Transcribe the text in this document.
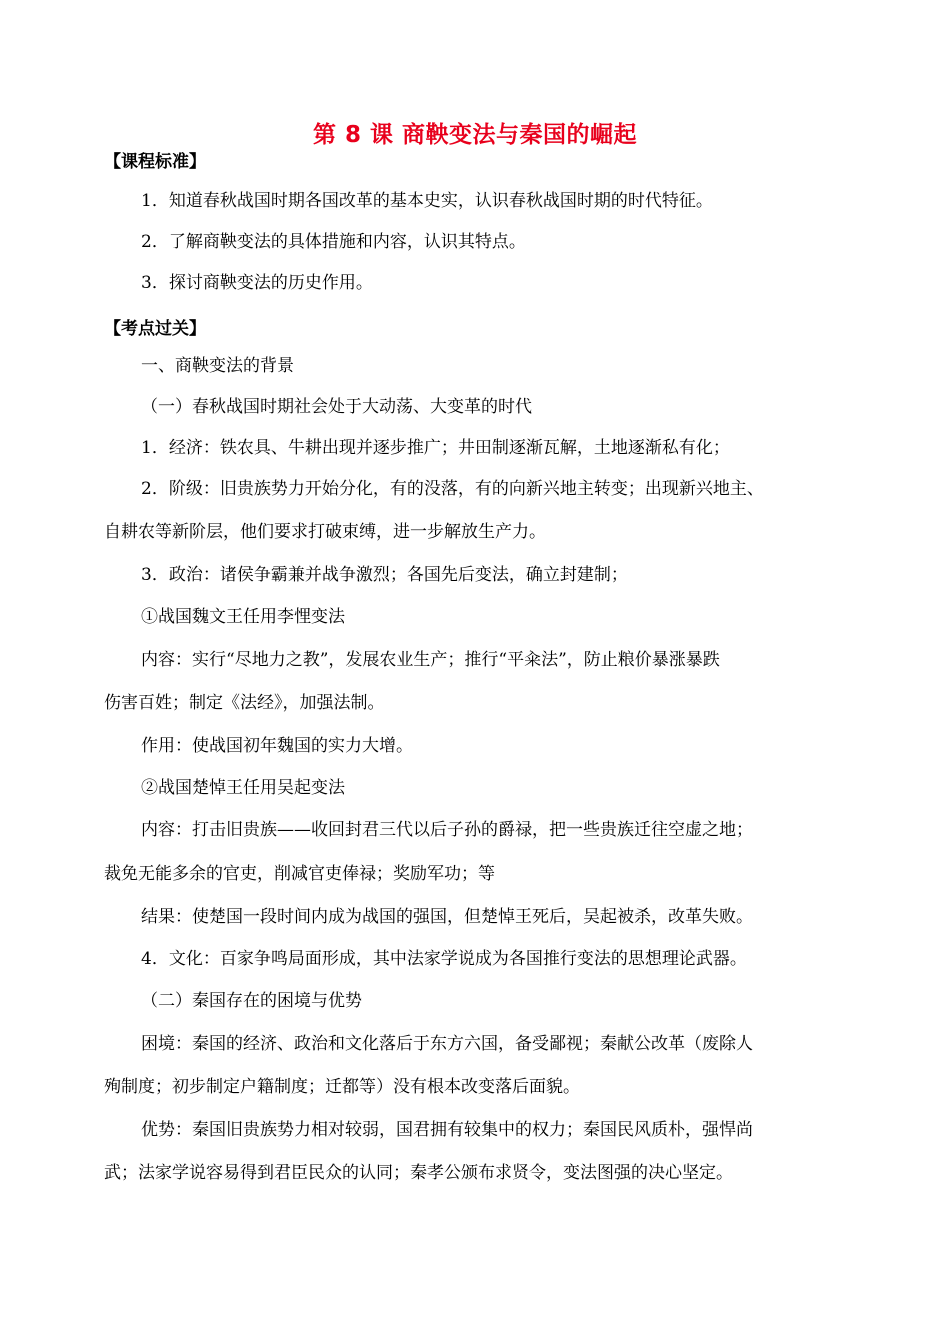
第 8 课 商鞅变法与秦国的崛起
【课程标准】
1．知道春秋战国时期各国改革的基本史实，认识春秋战国时期的时代特征。
2．了解商鞅变法的具体措施和内容，认识其特点。
3．探讨商鞅变法的历史作用。
【考点过关】
一、商鞅变法的背景
（一）春秋战国时期社会处于大动荡、大变革的时代
1．经济：铁农具、牛耕出现并逐步推广；井田制逐渐瓦解，土地逐渐私有化；
2．阶级：旧贵族势力开始分化，有的没落，有的向新兴地主转变；出现新兴地主、
自耕农等新阶层，他们要求打破束缚，进一步解放生产力。
3．政治：诸侯争霸兼并战争激烈；各国先后变法，确立封建制；
①战国魏文王任用李悝变法
内容：实行“尽地力之教”，发展农业生产；推行“平籴法”，防止粮价暴涨暴跌
伤害百姓；制定《法经》，加强法制。
作用：使战国初年魏国的实力大增。
②战国楚悼王任用吴起变法
内容：打击旧贵族——收回封君三代以后子孙的爵禄，把一些贵族迁往空虚之地；
裁免无能多余的官吏，削减官吏俸禄；奖励军功；等
结果：使楚国一段时间内成为战国的强国，但楚悼王死后，吴起被杀，改革失败。
4．文化：百家争鸣局面形成，其中法家学说成为各国推行变法的思想理论武器。
（二）秦国存在的困境与优势
困境：秦国的经济、政治和文化落后于东方六国，备受鄙视；秦献公改革（废除人
殉制度；初步制定户籍制度；迁都等）没有根本改变落后面貌。
优势：秦国旧贵族势力相对较弱，国君拥有较集中的权力；秦国民风质朴，强悍尚
武；法家学说容易得到君臣民众的认同；秦孝公颁布求贤令，变法图强的决心坚定。
